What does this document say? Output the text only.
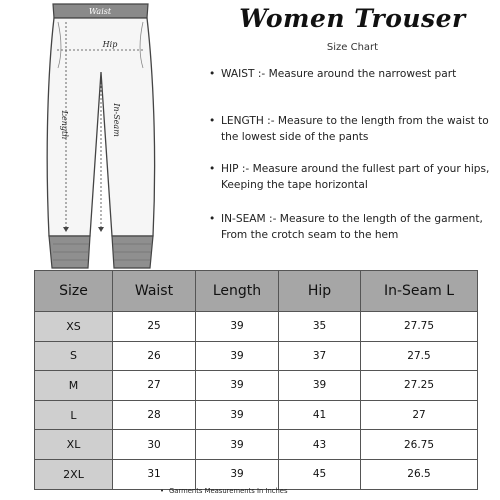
Waist
Hip
Length	In-Seam
Women Trouser
Size Chart

• WAIST :- Measure around the narrowest part

• LENGTH :- Measure to the length from the waist to the lowest side of the pants

• HIP :- Measure around the fullest part of your hips, Keeping the tape horizontal

• IN-SEAM :- Measure to the length of the garment, From the crotch seam to the hem

Size	Waist	Length	Hip	In-Seam L
XS	25	39	35	27.75
S	26	39	37	27.5
M	27	39	39	27.25
L	28	39	41	27
XL	30	39	43	26.75
2XL	31	39	45	26.5
• Garments Measurements In Inches
